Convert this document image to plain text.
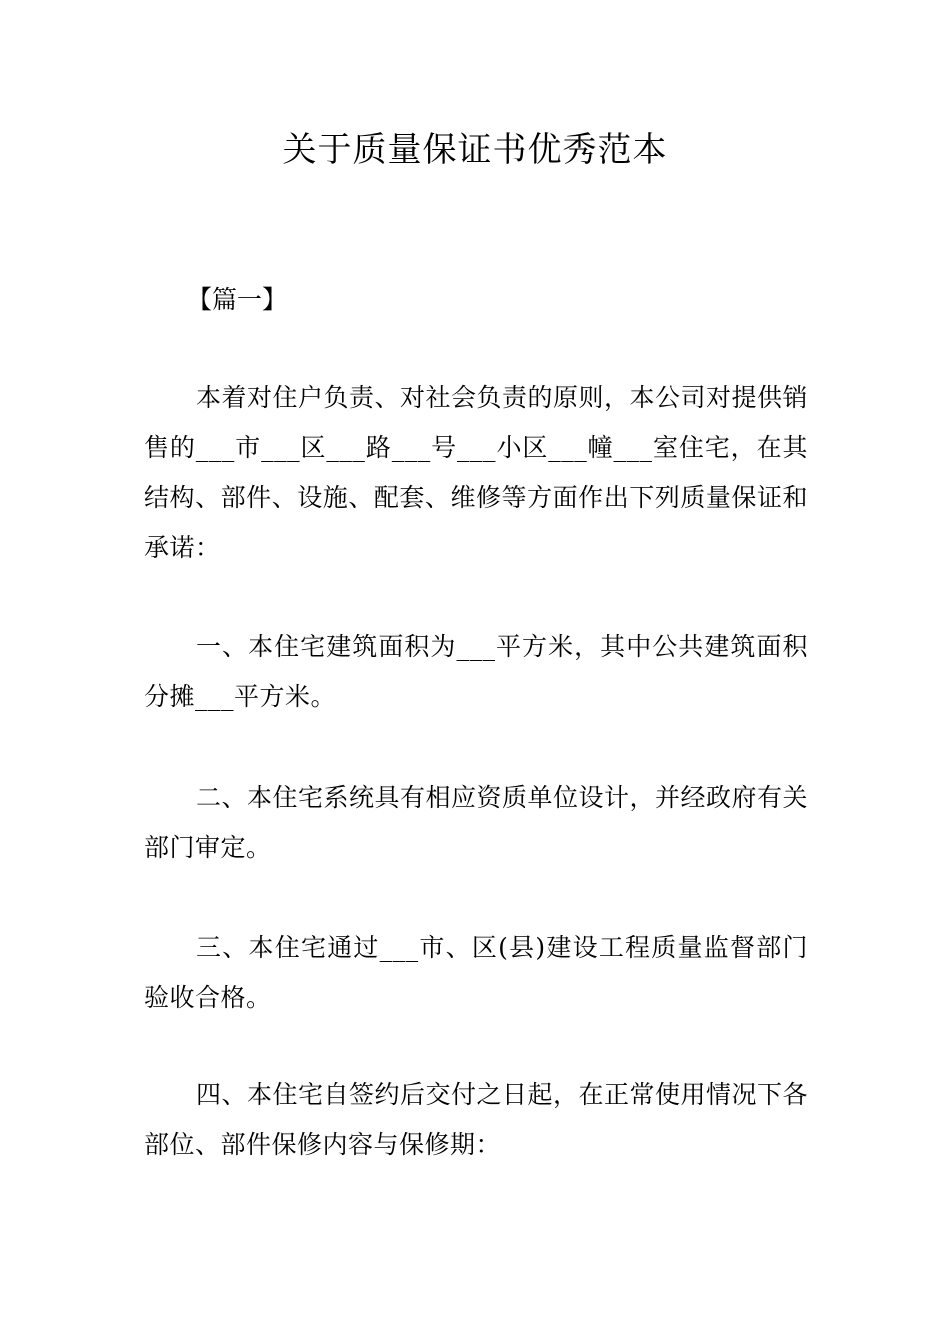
关于质量保证书优秀范本

【篇一】

本着对住户负责、对社会负责的原则，本公司对提供销售的___市___区___路___号___小区___幢___室住宅，在其结构、部件、设施、配套、维修等方面作出下列质量保证和承诺：

一、本住宅建筑面积为___平方米，其中公共建筑面积分摊___平方米。

二、本住宅系统具有相应资质单位设计，并经政府有关部门审定。

三、本住宅通过___市、区(县)建设工程质量监督部门验收合格。

四、本住宅自签约后交付之日起，在正常使用情况下各部位、部件保修内容与保修期：
